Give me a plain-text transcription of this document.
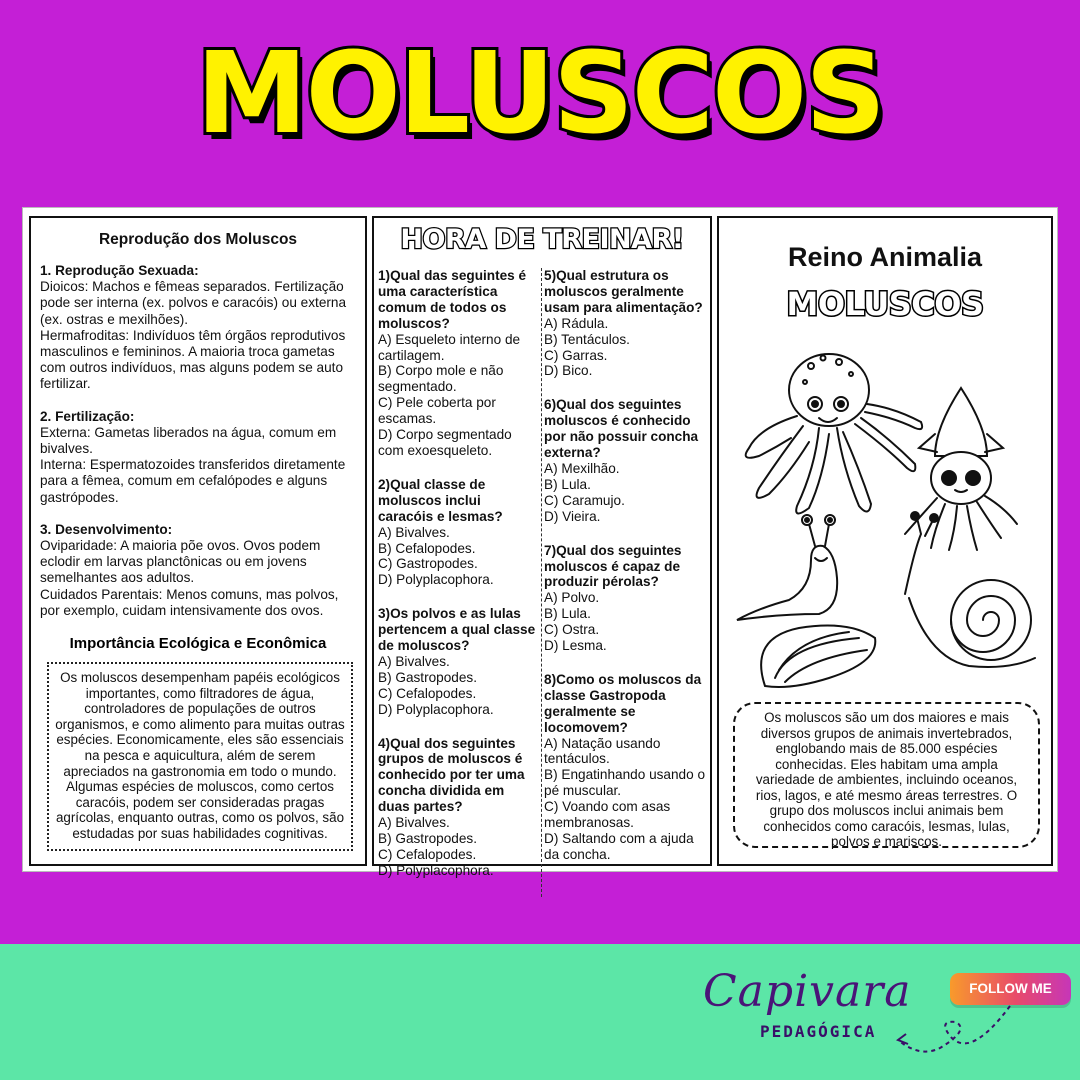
MOLUSCOS
Reprodução dos Moluscos
1. Reprodução Sexuada:
Dioicos: Machos e fêmeas separados. Fertilização pode ser interna (ex. polvos e caracóis) ou externa (ex. ostras e mexilhões).
Hermafroditas: Indivíduos têm órgãos reprodutivos masculinos e femininos. A maioria troca gametas com outros indivíduos, mas alguns podem se auto fertilizar.
2. Fertilização:
Externa: Gametas liberados na água, comum em bivalves.
Interna: Espermatozoides transferidos diretamente para a fêmea, comum em cefalópodes e alguns gastrópodes.
3. Desenvolvimento:
Oviparidade: A maioria põe ovos. Ovos podem eclodir em larvas planctônicas ou em jovens semelhantes aos adultos.
Cuidados Parentais: Menos comuns, mas polvos, por exemplo, cuidam intensivamente dos ovos.
Importância Ecológica e Econômica
Os moluscos desempenham papéis ecológicos importantes, como filtradores de água, controladores de populações de outros organismos, e como alimento para muitas outras espécies. Economicamente, eles são essenciais na pesca e aquicultura, além de serem apreciados na gastronomia em todo o mundo. Algumas espécies de moluscos, como certos caracóis, podem ser consideradas pragas agrícolas, enquanto outras, como os polvos, são estudadas por suas habilidades cognitivas.
HORA DE TREINAR!
1)Qual das seguintes é uma característica comum de todos os moluscos?
A) Esqueleto interno de cartilagem.
B) Corpo mole e não segmentado.
C) Pele coberta por escamas.
D) Corpo segmentado com exoesqueleto.
2)Qual classe de moluscos inclui caracóis e lesmas?
A) Bivalves.
B) Cefalopodes.
C) Gastropodes.
D) Polyplacophora.
3)Os polvos e as lulas pertencem a qual classe de moluscos?
A) Bivalves.
B) Gastropodes.
C) Cefalopodes.
D) Polyplacophora.
4)Qual dos seguintes grupos de moluscos é conhecido por ter uma concha dividida em duas partes?
A) Bivalves.
B) Gastropodes.
C) Cefalopodes.
D) Polyplacophora.
5)Qual estrutura os moluscos geralmente usam para alimentação?
A) Rádula.
B) Tentáculos.
C) Garras.
D) Bico.
6)Qual dos seguintes moluscos é conhecido por não possuir concha externa?
A) Mexilhão.
B) Lula.
C) Caramujo.
D) Vieira.
7)Qual dos seguintes moluscos é capaz de produzir pérolas?
A) Polvo.
B) Lula.
C) Ostra.
D) Lesma.
8)Como os moluscos da classe Gastropoda geralmente se locomovem?
A) Natação usando tentáculos.
B) Engatinhando usando o pé muscular.
C) Voando com asas membranosas.
D) Saltando com a ajuda da concha.
Reino Animalia
MOLUSCOS
Os moluscos são um dos maiores e mais diversos grupos de animais invertebrados, englobando mais de 85.000 espécies conhecidas. Eles habitam uma ampla variedade de ambientes, incluindo oceanos, rios, lagos, e até mesmo áreas terrestres. O grupo dos moluscos inclui animais bem conhecidos como caracóis, lesmas, lulas, polvos e mariscos.
Capivara
PEDAGÓGICA
FOLLOW ME
